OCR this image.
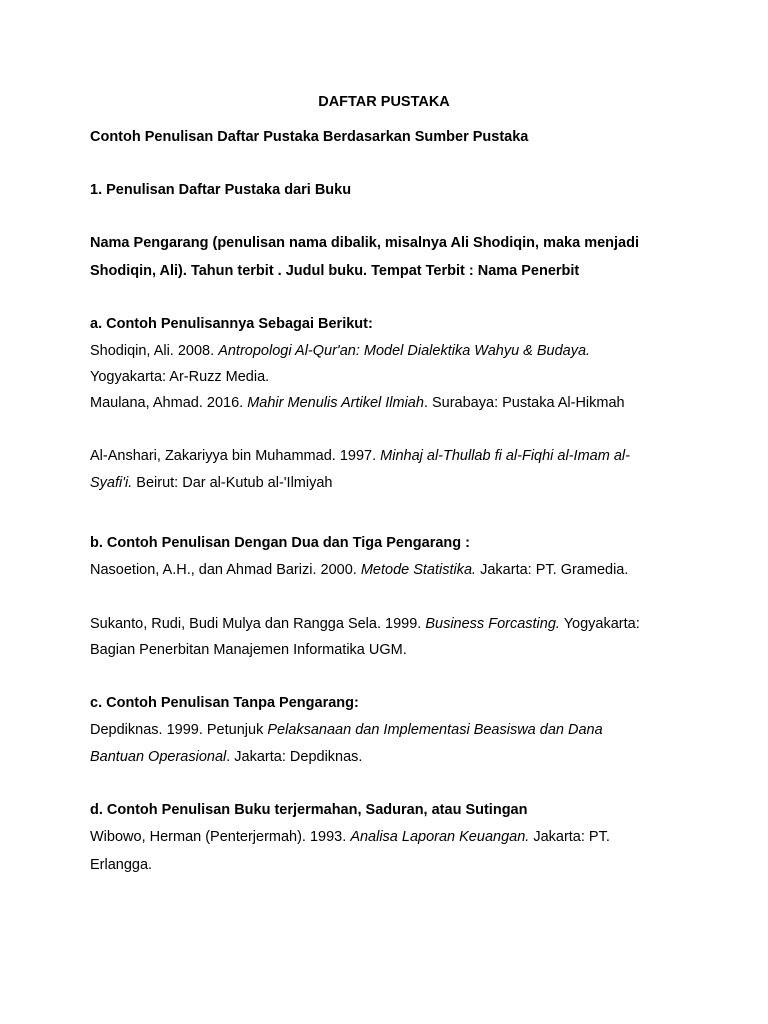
DAFTAR PUSTAKA
Contoh Penulisan Daftar Pustaka Berdasarkan Sumber Pustaka
1. Penulisan Daftar Pustaka dari Buku
Nama Pengarang (penulisan nama dibalik, misalnya Ali Shodiqin, maka menjadi
Shodiqin, Ali). Tahun terbit . Judul buku. Tempat Terbit : Nama Penerbit
a. Contoh Penulisannya Sebagai Berikut:
Shodiqin, Ali. 2008. Antropologi Al-Qur'an: Model Dialektika Wahyu & Budaya.
Yogyakarta: Ar-Ruzz Media.
Maulana, Ahmad. 2016. Mahir Menulis Artikel Ilmiah. Surabaya: Pustaka Al-Hikmah
Al-Anshari, Zakariyya bin Muhammad. 1997. Minhaj al-Thullab fi al-Fiqhi al-Imam al-
Syafi'i. Beirut: Dar al-Kutub al-'Ilmiyah
b. Contoh Penulisan Dengan Dua dan Tiga Pengarang :
Nasoetion, A.H., dan Ahmad Barizi. 2000. Metode Statistika. Jakarta: PT. Gramedia.
Sukanto, Rudi, Budi Mulya dan Rangga Sela. 1999. Business Forcasting. Yogyakarta:
Bagian Penerbitan Manajemen Informatika UGM.
c. Contoh Penulisan Tanpa Pengarang:
Depdiknas. 1999. Petunjuk Pelaksanaan dan Implementasi Beasiswa dan Dana
Bantuan Operasional. Jakarta: Depdiknas.
d. Contoh Penulisan Buku terjermahan, Saduran, atau Sutingan
Wibowo, Herman (Penterjermah). 1993. Analisa Laporan Keuangan. Jakarta: PT.
Erlangga.
